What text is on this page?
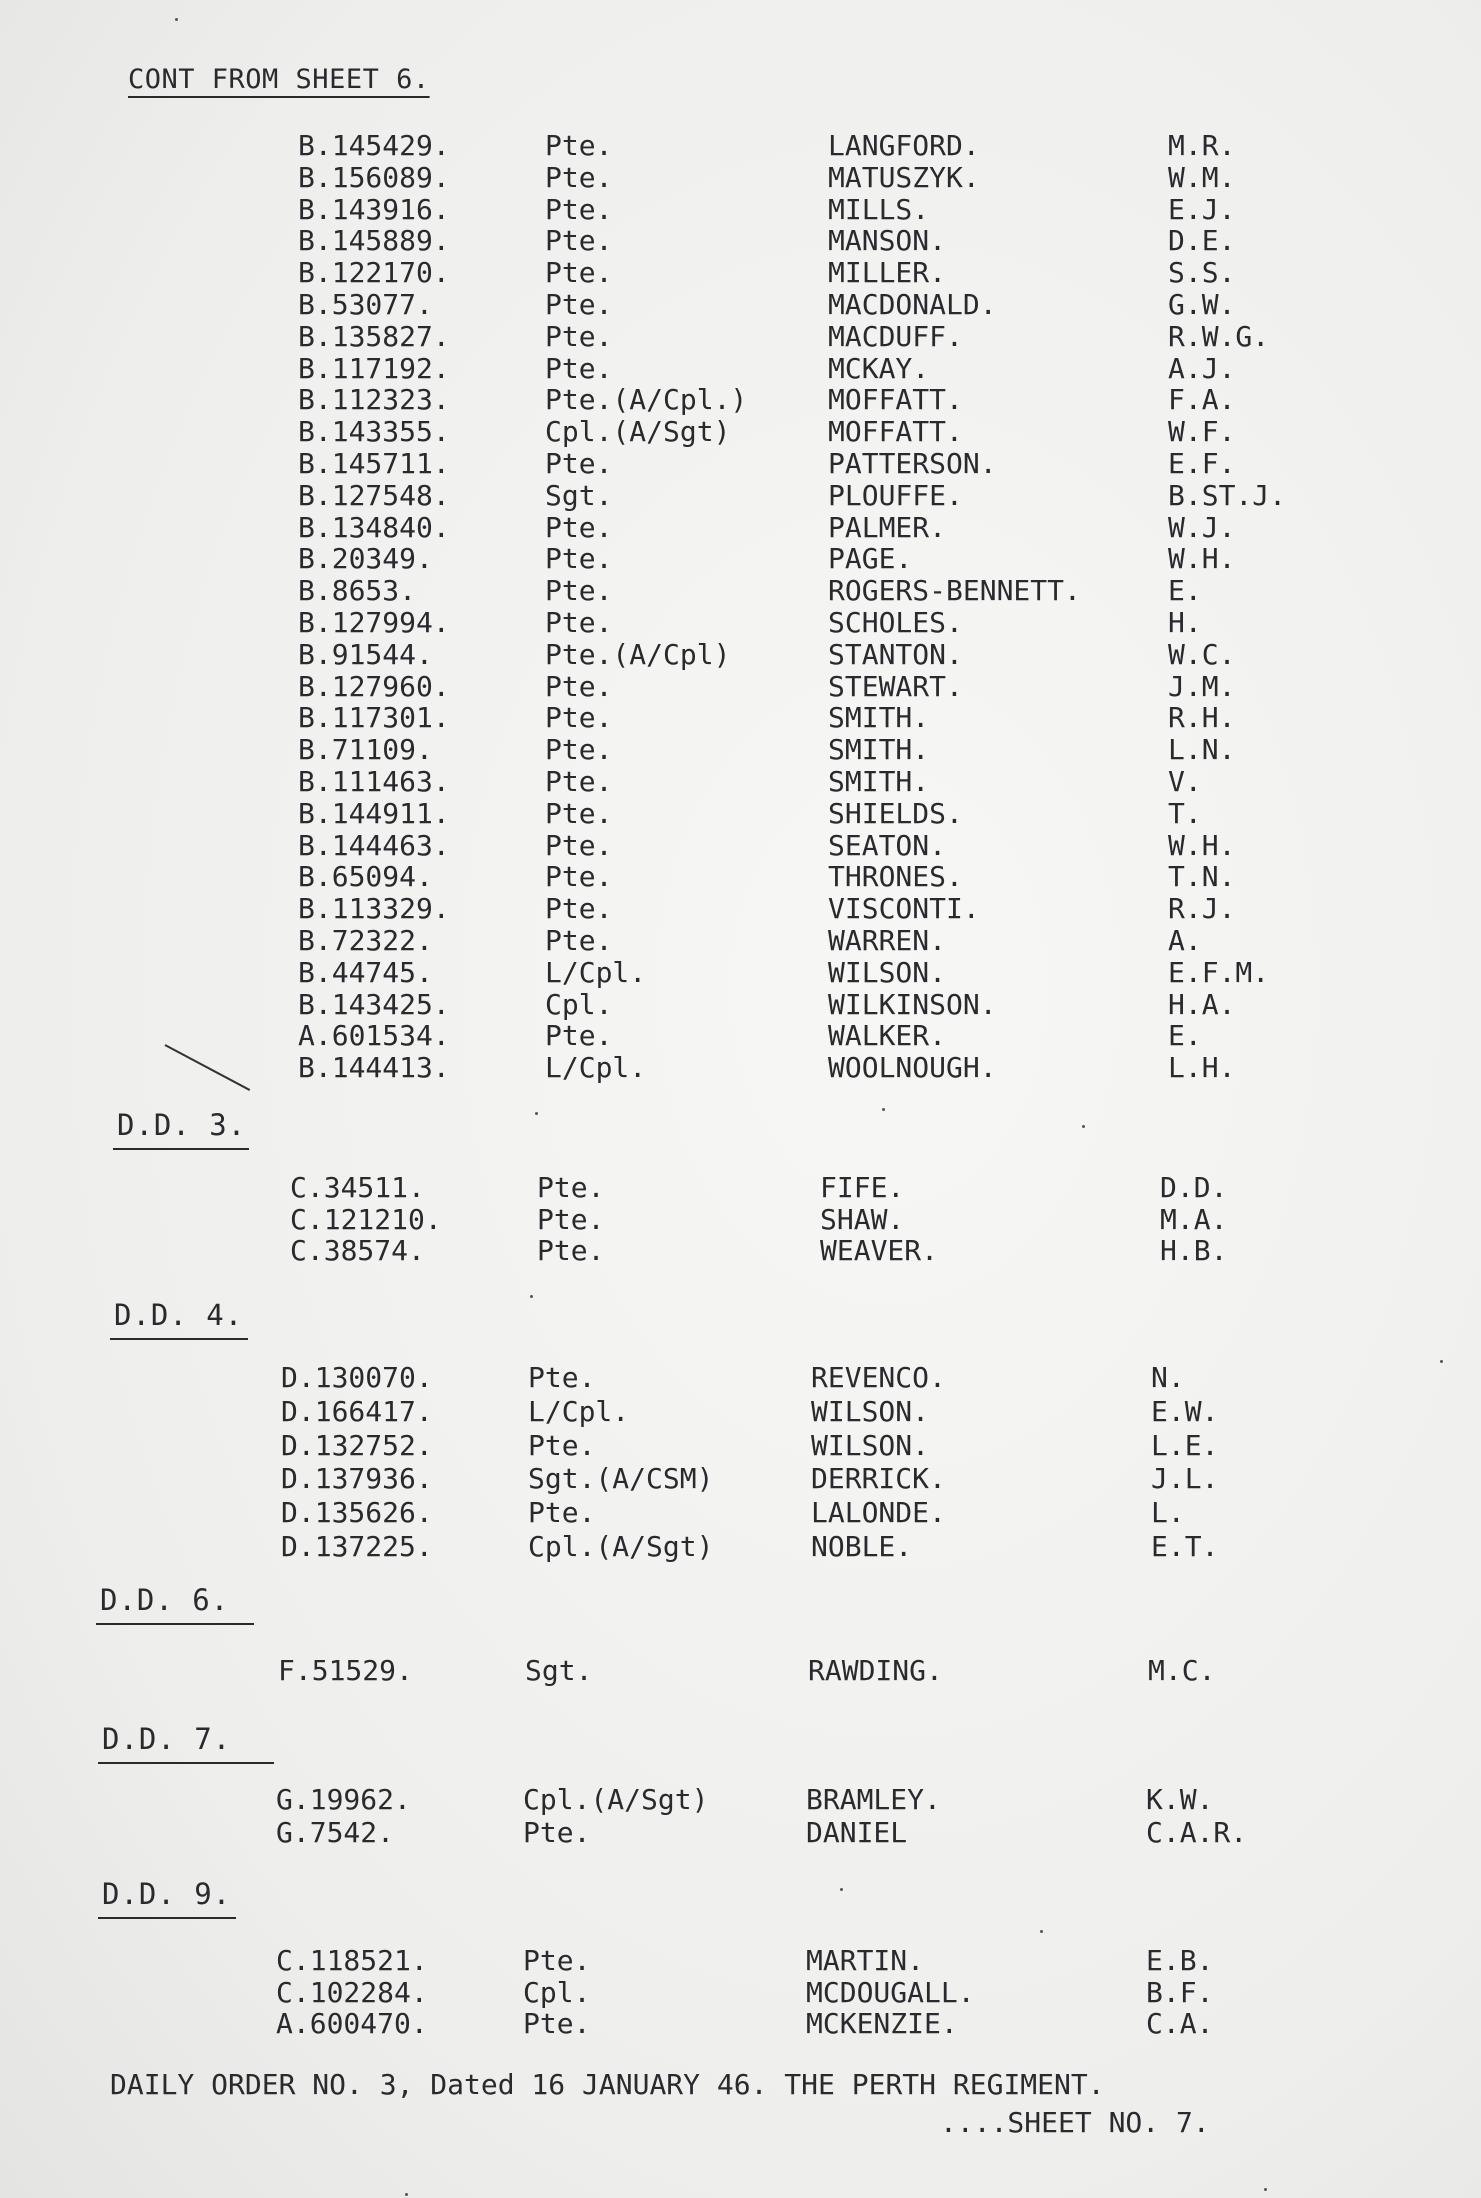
CONT FROM SHEET 6.
B.145429.	Pte.	LANGFORD.	M.R.
B.156089.	Pte.	MATUSZYK.	W.M.
B.143916.	Pte.	MILLS.	E.J.
B.145889.	Pte.	MANSON.	D.E.
B.122170.	Pte.	MILLER.	S.S.
B.53077.	Pte.	MACDONALD.	G.W.
B.135827.	Pte.	MACDUFF.	R.W.G.
B.117192.	Pte.	MCKAY.	A.J.
B.112323.	Pte.(A/Cpl.)	MOFFATT.	F.A.
B.143355.	Cpl.(A/Sgt)	MOFFATT.	W.F.
B.145711.	Pte.	PATTERSON.	E.F.
B.127548.	Sgt.	PLOUFFE.	B.ST.J.
B.134840.	Pte.	PALMER.	W.J.
B.20349.	Pte.	PAGE.	W.H.
B.8653.	Pte.	ROGERS-BENNETT.	E.
B.127994.	Pte.	SCHOLES.	H.
B.91544.	Pte.(A/Cpl)	STANTON.	W.C.
B.127960.	Pte.	STEWART.	J.M.
B.117301.	Pte.	SMITH.	R.H.
B.71109.	Pte.	SMITH.	L.N.
B.111463.	Pte.	SMITH.	V.
B.144911.	Pte.	SHIELDS.	T.
B.144463.	Pte.	SEATON.	W.H.
B.65094.	Pte.	THRONES.	T.N.
B.113329.	Pte.	VISCONTI.	R.J.
B.72322.	Pte.	WARREN.	A.
B.44745.	L/Cpl.	WILSON.	E.F.M.
B.143425.	Cpl.	WILKINSON.	H.A.
A.601534.	Pte.	WALKER.	E.
B.144413.	L/Cpl.	WOOLNOUGH.	L.H.
D.D. 3.
C.34511.	Pte.	FIFE.	D.D.
C.121210.	Pte.	SHAW.	M.A.
C.38574.	Pte.	WEAVER.	H.B.
D.D. 4.
D.130070.	Pte.	REVENCO.	N.
D.166417.	L/Cpl.	WILSON.	E.W.
D.132752.	Pte.	WILSON.	L.E.
D.137936.	Sgt.(A/CSM)	DERRICK.	J.L.
D.135626.	Pte.	LALONDE.	L.
D.137225.	Cpl.(A/Sgt)	NOBLE.	E.T.
D.D. 6.
F.51529.	Sgt.	RAWDING.	M.C.
D.D. 7.
G.19962.	Cpl.(A/Sgt)	BRAMLEY.	K.W.
G.7542.	Pte.	DANIEL	C.A.R.
D.D. 9.
C.118521.	Pte.	MARTIN.	E.B.
C.102284.	Cpl.	MCDOUGALL.	B.F.
A.600470.	Pte.	MCKENZIE.	C.A.
DAILY ORDER NO. 3, Dated 16 JANUARY 46. THE PERTH REGIMENT.
....SHEET NO. 7.
